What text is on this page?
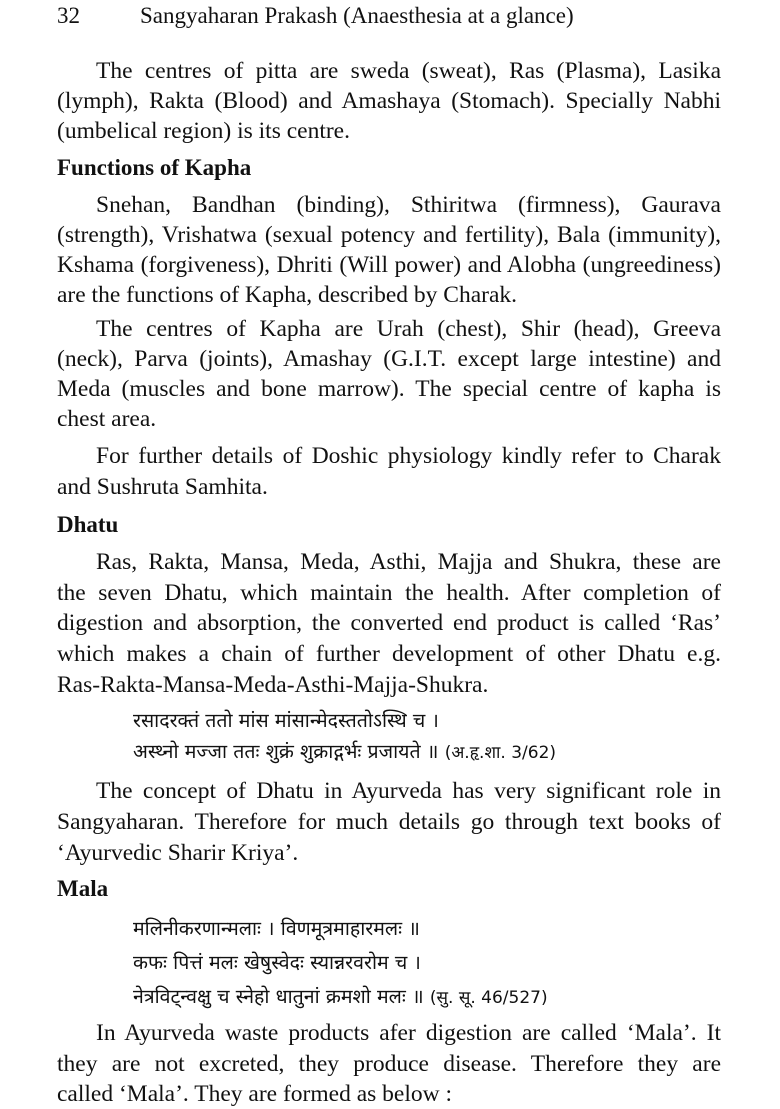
32	Sangyaharan Prakash (Anaesthesia at a glance)
The centres of pitta are sweda (sweat), Ras (Plasma), Lasika
(lymph), Rakta (Blood) and Amashaya (Stomach). Specially Nabhi
(umbelical region) is its centre.
Functions of Kapha
Snehan, Bandhan (binding), Sthiritwa (firmness), Gaurava
(strength), Vrishatwa (sexual potency and fertility), Bala (immunity),
Kshama (forgiveness), Dhriti (Will power) and Alobha (ungreediness)
are the functions of Kapha, described by Charak.
The centres of Kapha are Urah (chest), Shir (head), Greeva
(neck), Parva (joints), Amashay (G.I.T. except large intestine) and
Meda (muscles and bone marrow). The special centre of kapha is
chest area.
For further details of Doshic physiology kindly refer to Charak
and Sushruta Samhita.
Dhatu
Ras, Rakta, Mansa, Meda, Asthi, Majja and Shukra, these are
the seven Dhatu, which maintain the health. After completion of
digestion and absorption, the converted end product is called ‘Ras’
which makes a chain of further development of other Dhatu e.g.
Ras-Rakta-Mansa-Meda-Asthi-Majja-Shukra.
रसादरक्तं ततो मांस मांसान्मेदस्ततोऽस्थि च ।
अस्थ्नो मज्जा ततः शुक्रं शुक्राद्गर्भः प्रजायते ॥ (अ.हृ.शा. 3/62)
The concept of Dhatu in Ayurveda has very significant role in
Sangyaharan. Therefore for much details go through text books of
‘Ayurvedic Sharir Kriya’.
Mala
मलिनीकरणान्मलाः । विणमूत्रमाहारमलः ॥
कफः पित्तं मलः खेषुस्वेदः स्यान्नरवरोम च ।
नेत्रविट्न्वक्षु च स्नेहो धातुनां क्रमशो मलः ॥ (सु. सू. 46/527)
In Ayurveda waste products afer digestion are called ‘Mala’. It
they are not excreted, they produce disease. Therefore they are
called ‘Mala’. They are formed as below :
